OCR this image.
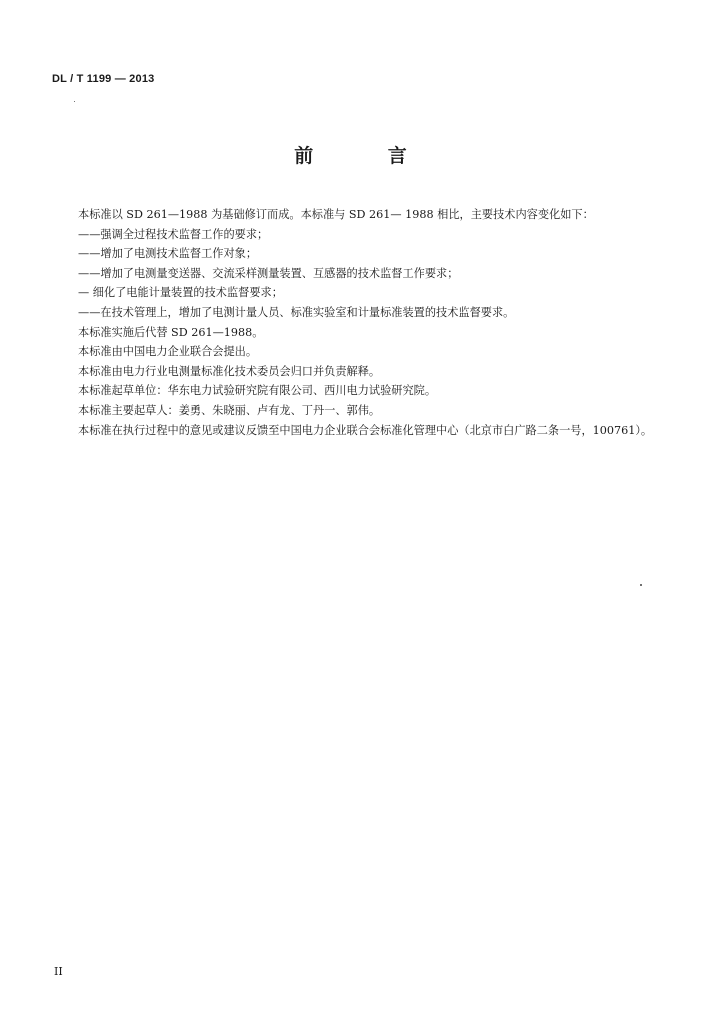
DL / T 1199 — 2013
前 言

本标准以 SD 261—1988 为基础修订而成。本标准与 SD 261— 1988 相比，主要技术内容变化如下：

——强调全过程技术监督工作的要求；

——增加了电测技术监督工作对象；

——增加了电测量变送器、交流采样测量装置、互感器的技术监督工作要求；

— 细化了电能计量装置的技术监督要求；

——在技术管理上，增加了电测计量人员、标准实验室和计量标准装置的技术监督要求。

本标准实施后代替 SD 261—1988。

本标准由中国电力企业联合会提出。

本标准由电力行业电测量标准化技术委员会归口并负责解释。

本标准起草单位：华东电力试验研究院有限公司、西川电力试验研究院。

本标准主要起草人：姜勇、朱晓丽、卢有龙、丁丹一、郭伟。

本标准在执行过程中的意见或建议反馈至中国电力企业联合会标准化管理中心（北京市白广路二条一号，100761）。

II
